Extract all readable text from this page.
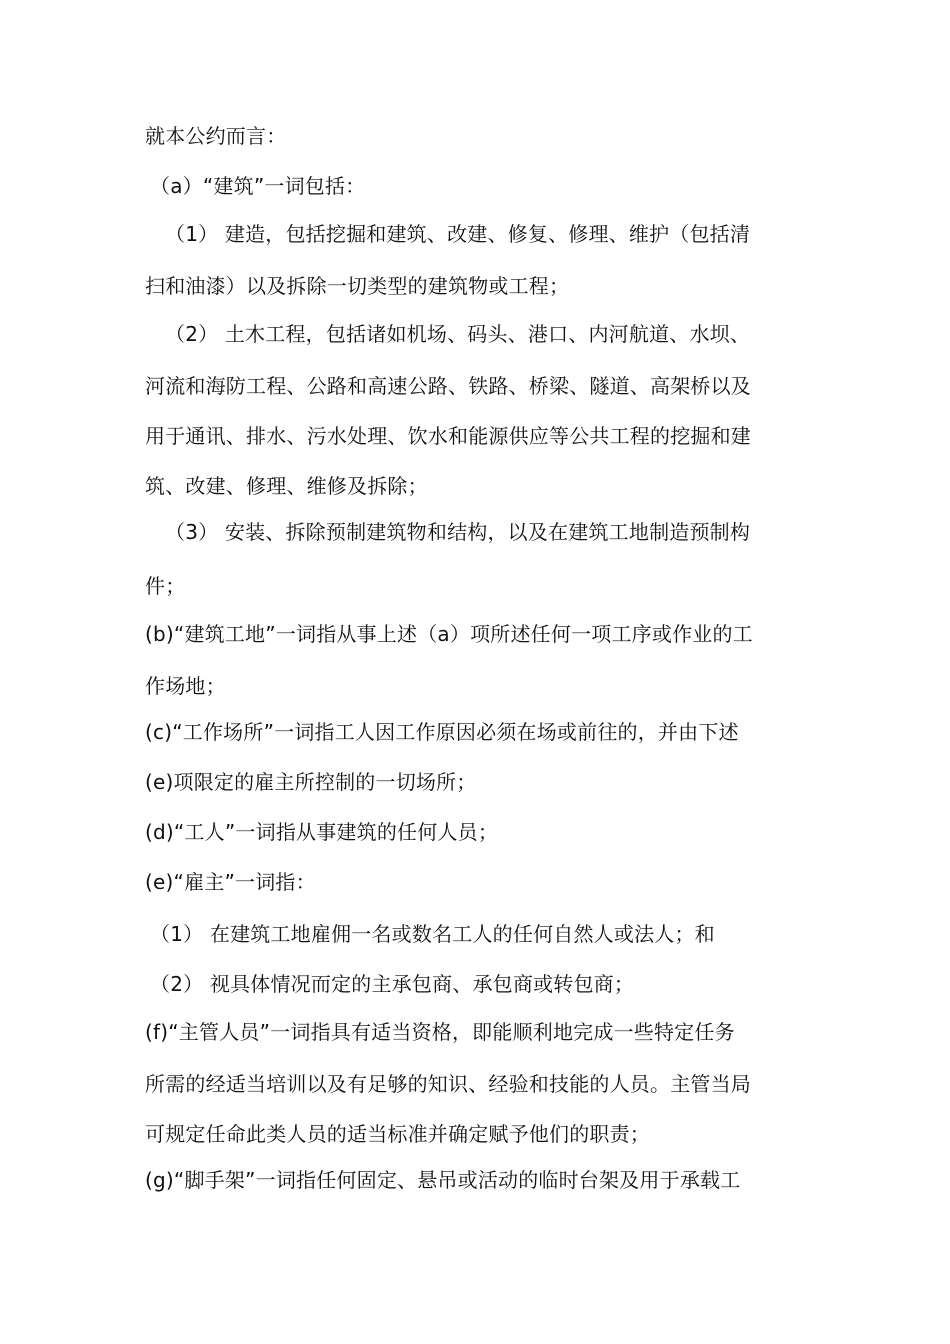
就本公约而言：
（a）“建筑”一词包括：
（1） 建造，包括挖掘和建筑、改建、修复、修理、维护（包括清
扫和油漆）以及拆除一切类型的建筑物或工程；
（2） 土木工程，包括诸如机场、码头、港口、内河航道、水坝、
河流和海防工程、公路和高速公路、铁路、桥梁、隧道、高架桥以及
用于通讯、排水、污水处理、饮水和能源供应等公共工程的挖掘和建
筑、改建、修理、维修及拆除；
（3） 安装、拆除预制建筑物和结构，以及在建筑工地制造预制构
件；
(b)“建筑工地”一词指从事上述（a）项所述任何一项工序或作业的工
作场地；
(c)“工作场所”一词指工人因工作原因必须在场或前往的，并由下述
(e)项限定的雇主所控制的一切场所；
(d)“工人”一词指从事建筑的任何人员；
(e)“雇主”一词指：
（1） 在建筑工地雇佣一名或数名工人的任何自然人或法人；和
（2） 视具体情况而定的主承包商、承包商或转包商；
(f)“主管人员”一词指具有适当资格，即能顺利地完成一些特定任务
所需的经适当培训以及有足够的知识、经验和技能的人员。主管当局
可规定任命此类人员的适当标准并确定赋予他们的职责；
(g)“脚手架”一词指任何固定、悬吊或活动的临时台架及用于承载工
